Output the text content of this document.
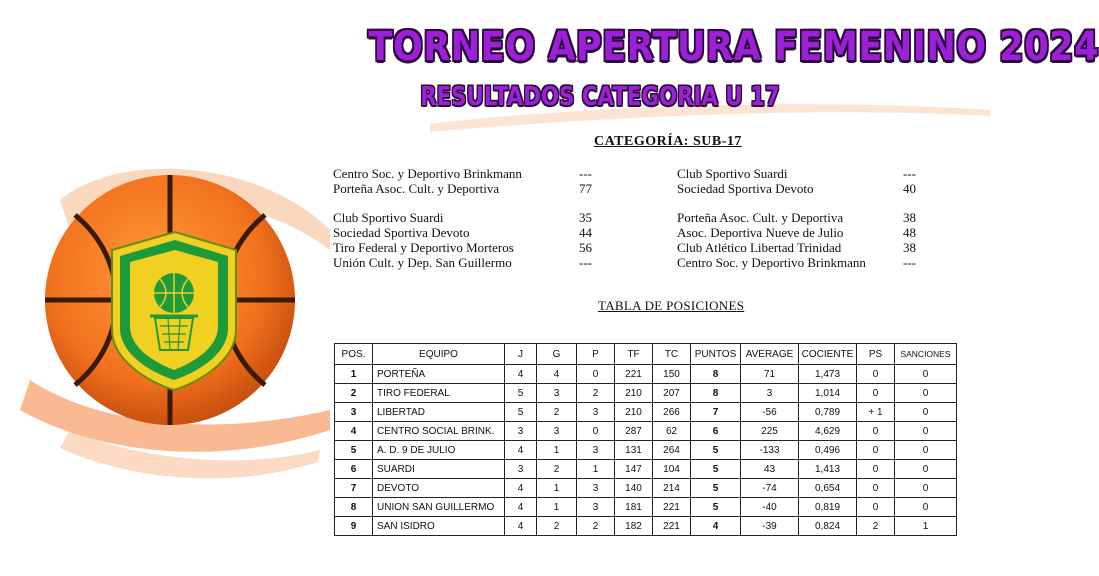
TORNEO APERTURA FEMENINO 2024
RESULTADOS CATEGORIA U 17
CATEGORÍA: SUB-17
Centro Soc. y Deportivo Brinkmann	---	Club Sportivo Suardi	---
Porteña Asoc. Cult. y Deportiva	77	Sociedad Sportiva Devoto	40
Club Sportivo Suardi	35	Porteña Asoc. Cult. y Deportiva	38
Sociedad Sportiva Devoto	44	Asoc. Deportiva Nueve de Julio	48
Tiro Federal y Deportivo Morteros	56	Club Atlético Libertad Trinidad	38
Unión Cult. y Dep. San Guillermo	---	Centro Soc. y Deportivo Brinkmann	---
TABLA DE POSICIONES
POS.	EQUIPO	J	G	P	TF	TC	PUNTOS	AVERAGE	COCIENTE	PS	SANCIONES
1	PORTEÑA	4	4	0	221	150	8	71	1,473	0	0
2	TIRO FEDERAL	5	3	2	210	207	8	3	1,014	0	0
3	LIBERTAD	5	2	3	210	266	7	-56	0,789	+ 1	0
4	CENTRO SOCIAL BRINK.	3	3	0	287	62	6	225	4,629	0	0
5	A. D. 9 DE JULIO	4	1	3	131	264	5	-133	0,496	0	0
6	SUARDI	3	2	1	147	104	5	43	1,413	0	0
7	DEVOTO	4	1	3	140	214	5	-74	0,654	0	0
8	UNION SAN GUILLERMO	4	1	3	181	221	5	-40	0,819	0	0
9	SAN ISIDRO	4	2	2	182	221	4	-39	0,824	2	1
